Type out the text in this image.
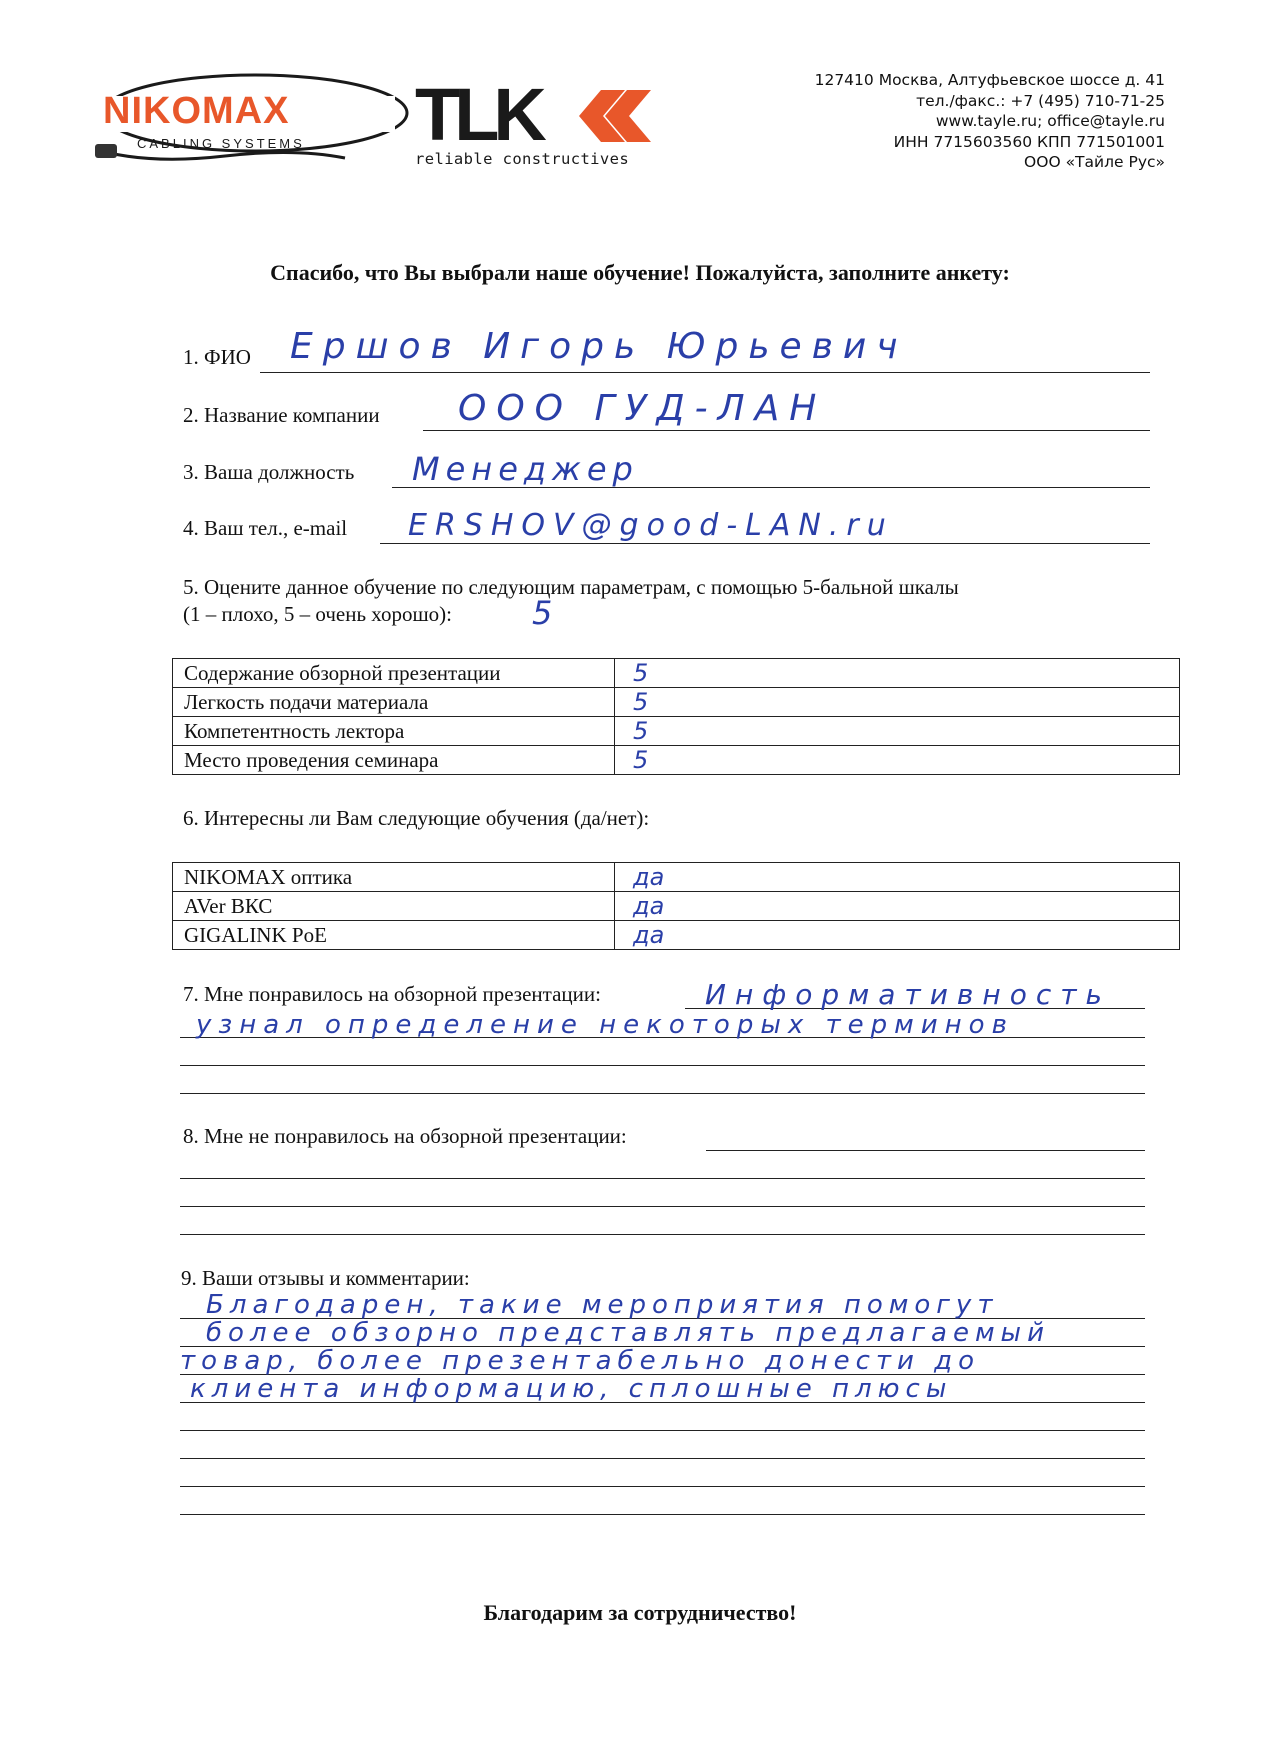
NIKOMAX
CABLING SYSTEMS TLK
reliable constructives
127410 Москва, Алтуфьевское шоссе д. 41
тел./факс.: +7 (495) 710-71-25
www.tayle.ru; office@tayle.ru
ИНН 7715603560 КПП 771501001
ООО «Тайле Рус»
Спасибо, что Вы выбрали наше обучение! Пожалуйста, заполните анкету:
1. ФИО Ершов Игорь Юрьевич
2. Название компании ООО ГУД-ЛАН
3. Ваша должность Менеджер
4. Ваш тел., e-mail ERSHOV@good-LAN.ru
5. Оцените данное обучение по следующим параметрам, с помощью 5-бальной шкалы
(1 – плохо, 5 – очень хорошо):	5
Содержание обзорной презентации	5
Легкость подачи материала	5
Компетентность лектора	5
Место проведения семинара	5
6. Интересны ли Вам следующие обучения (да/нет):
NIKOMAX оптика	да
AVer ВКС	да
GIGALINK PoE	да
7. Мне понравилось на обзорной презентации:	Информативность
узнал определение некоторых терминов
8. Мне не понравилось на обзорной презентации:
9. Ваши отзывы и комментарии:
Благодарен, такие мероприятия помогут
более обзорно представлять предлагаемый
товар, более презентабельно донести до
клиента информацию, сплошные плюсы
Благодарим за сотрудничество!
